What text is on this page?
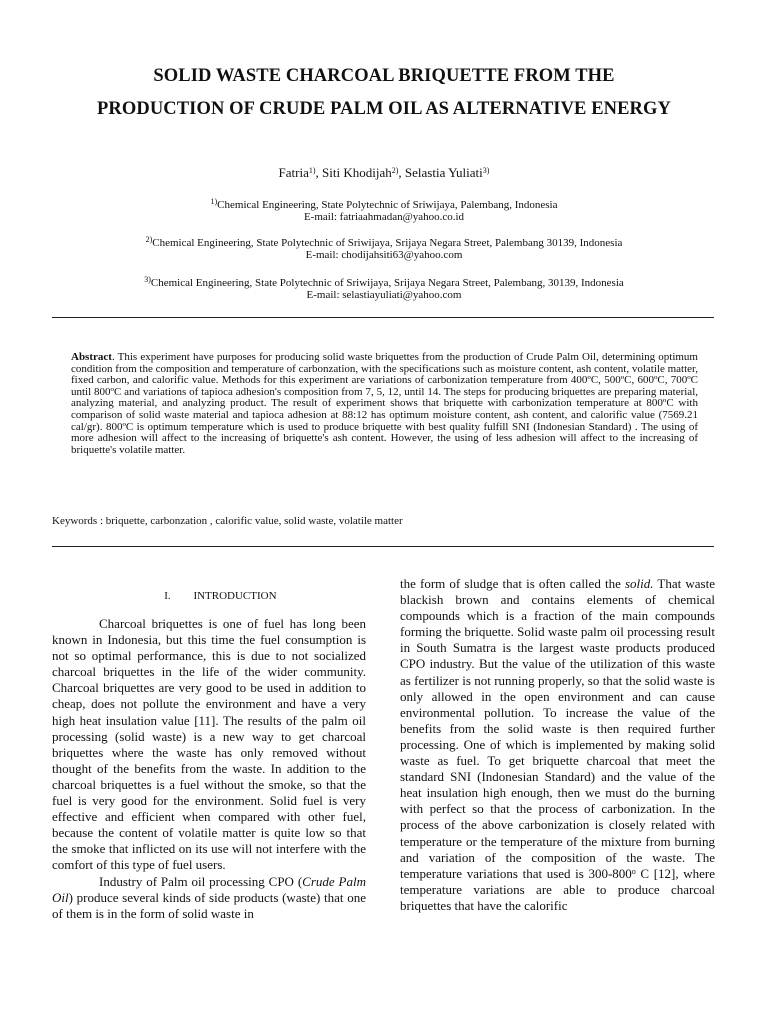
SOLID WASTE CHARCOAL BRIQUETTE FROM THE
PRODUCTION OF CRUDE PALM OIL AS ALTERNATIVE ENERGY
Fatria$^{1)}$, Siti Khodijah$^{2)}$, Selastia Yuliati$^{3)}$
$^{1)}$Chemical Engineering, State Polytechnic of Sriwijaya, Palembang, Indonesia
E-mail: fatriaahmadan@yahoo.co.id
$^{2)}$Chemical Engineering, State Polytechnic of Sriwijaya, Srijaya Negara Street, Palembang 30139, Indonesia
E-mail: chodijahsiti63@yahoo.com
$^{3)}$Chemical Engineering, State Polytechnic of Sriwijaya, Srijaya Negara Street, Palembang, 30139, Indonesia
E-mail: selastiayuliati@yahoo.com
Abstract. This experiment have purposes for producing solid waste briquettes from the production of Crude Palm Oil, determining optimum condition from the composition and temperature of carbonzation, with the specifications such as moisture content, ash content, volatile matter, fixed carbon, and calorific value. Methods for this experiment are variations of carbonization temperature from 400ºC, 500ºC, 600ºC, 700ºC until 800ºC and variations of tapioca adhesion's composition from 7, 5, 12, until 14. The steps for producing briquettes are preparing material, analyzing material, and analyzing product. The result of experiment shows that briquette with carbonization temperature at 800ºC with comparison of solid waste material and tapioca adhesion at 88:12 has optimum moisture content, ash content, and calorific value (7569.21 cal/gr). 800ºC is optimum temperature which is used to produce briquette with best quality fulfill SNI (Indonesian Standard) . The using of more adhesion will affect to the increasing of briquette's ash content. However, the using of less adhesion will affect to the increasing of briquette's volatile matter.
Keywords : briquette, carbonzation , calorific value, solid waste, volatile matter
I. INTRODUCTION

Charcoal briquettes is one of fuel has long been known in Indonesia, but this time the fuel consumption is not so optimal performance, this is due to not socialized charcoal briquettes in the life of the wider community. Charcoal briquettes are very good to be used in addition to cheap, does not pollute the environment and have a very high heat insulation value [11]. The results of the palm oil processing (solid waste) is a new way to get charcoal briquettes where the waste has only removed without thought of the benefits from the waste. In addition to the charcoal briquettes is a fuel without the smoke, so that the fuel is very good for the environment. Solid fuel is very effective and efficient when compared with other fuel, because the content of volatile matter is quite low so that the smoke that inflicted on its use will not interfere with the comfort of this type of fuel users.

Industry of Palm oil processing CPO (Crude Palm Oil) produce several kinds of side products (waste) that one of them is in the form of solid waste in

the form of sludge that is often called the solid. That waste blackish brown and contains elements of chemical compounds which is a fraction of the main compounds forming the briquette. Solid waste palm oil processing result in South Sumatra is the largest waste products produced CPO industry. But the value of the utilization of this waste as fertilizer is not running properly, so that the solid waste is only allowed in the open environment and can cause environmental pollution. To increase the value of the benefits from the solid waste is then required further processing. One of which is implemented by making solid waste as fuel. To get briquette charcoal that meet the standard SNI (Indonesian Standard) and the value of the heat insulation high enough, then we must do the burning with perfect so that the process of carbonization. In the process of the above carbonization is closely related with temperature or the temperature of the mixture from burning and variation of the composition of the waste. The temperature variations that used is 300-800$^o$ C [12], where temperature variations are able to produce charcoal briquettes that have the calorific
